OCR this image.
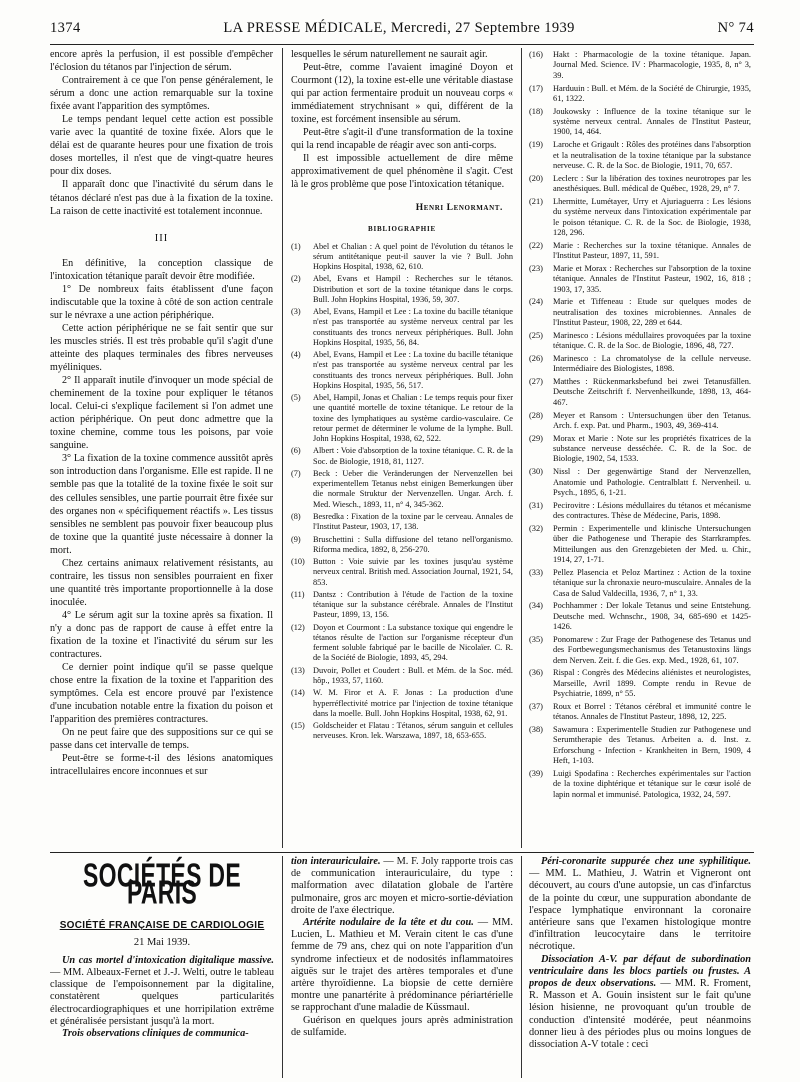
1374	LA PRESSE MÉDICALE, Mercredi, 27 Septembre 1939	N° 74

encore après la perfusion, il est possible d'empêcher l'éclosion du tétanos par l'injection de sérum.

Contrairement à ce que l'on pense généralement, le sérum a donc une action remarquable sur la toxine fixée avant l'apparition des symptômes.

Le temps pendant lequel cette action est possible varie avec la quantité de toxine fixée. Alors que le délai est de quarante heures pour une fixation de trois doses mortelles, il n'est que de vingt-quatre heures pour dix doses.

Il apparaît donc que l'inactivité du sérum dans le tétanos déclaré n'est pas due à la fixation de la toxine. La raison de cette inactivité est totalement inconnue.

III

En définitive, la conception classique de l'intoxication tétanique paraît devoir être modifiée.

1° De nombreux faits établissent d'une façon indiscutable que la toxine à côté de son action centrale sur le névraxe a une action périphérique.

Cette action périphérique ne se fait sentir que sur les muscles striés. Il est très probable qu'il s'agit d'une atteinte des plaques terminales des fibres nerveuses myéliniques.

2° Il apparaît inutile d'invoquer un mode spécial de cheminement de la toxine pour expliquer le tétanos local. Celui-ci s'explique facilement si l'on admet une action périphérique. On peut donc admettre que la toxine chemine, comme tous les poisons, par voie sanguine.

3° La fixation de la toxine commence aussitôt après son introduction dans l'organisme. Elle est rapide. Il ne semble pas que la totalité de la toxine fixée le soit sur des cellules sensibles, une partie pourrait être fixée sur des organes non « spécifiquement réactifs ». Les tissus sensibles ne semblent pas pouvoir fixer beaucoup plus de toxine que la quantité juste nécessaire à donner la mort.

Chez certains animaux relativement résistants, au contraire, les tissus non sensibles pourraient en fixer une quantité très importante proportionnelle à la dose inoculée.

4° Le sérum agit sur la toxine après sa fixation. Il n'y a donc pas de rapport de cause à effet entre la fixation de la toxine et l'inactivité du sérum sur les contractures.

Ce dernier point indique qu'il se passe quelque chose entre la fixation de la toxine et l'apparition des symptômes. Cela est encore prouvé par l'existence d'une incubation notable entre la fixation du poison et l'apparition des premières contractures.

On ne peut faire que des suppositions sur ce qui se passe dans cet intervalle de temps.

Peut-être se forme-t-il des lésions anatomiques intracellulaires encore inconnues et sur

lesquelles le sérum naturellement ne saurait agir.

Peut-être, comme l'avaient imaginé Doyon et Courmont (12), la toxine est-elle une véritable diastase qui par action fermentaire produit un nouveau corps « immédiatement strychnisant » qui, différent de la toxine, est forcément insensible au sérum.

Peut-être s'agit-il d'une transformation de la toxine qui la rend incapable de réagir avec son anti-corps.

Il est impossible actuellement de dire même approximativement de quel phénomène il s'agit. C'est là le gros problème que pose l'intoxication tétanique.

Henri Lenormant.
BIBLIOGRAPHIE
(1)	Abel et Chalian : A quel point de l'évolution du tétanos le sérum antitétanique peut-il sauver la vie ? Bull. John Hopkins Hospital, 1938, 62, 610.
(2)	Abel, Evans et Hampil : Recherches sur le tétanos. Distribution et sort de la toxine tétanique dans le corps. Bull. John Hopkins Hospital, 1936, 59, 307.
(3)	Abel, Evans, Hampil et Lee : La toxine du bacille tétanique n'est pas transportée au système nerveux central par les constituants des troncs nerveux périphériques. Bull. John Hopkins Hospital, 1935, 56, 84.
(4)	Abel, Evans, Hampil et Lee : La toxine du bacille tétanique n'est pas transportée au système nerveux central par les constituants des troncs nerveux périphériques. Bull. John Hopkins Hospital, 1935, 56, 517.
(5)	Abel, Hampil, Jonas et Chalian : Le temps requis pour fixer une quantité mortelle de toxine tétanique. Le retour de la toxine des lymphatiques au système cardio-vasculaire. Ce retour permet de déterminer le volume de la lymphe. Bull. John Hopkins Hospital, 1938, 62, 522.
(6)	Albert : Voie d'absorption de la toxine tétanique. C. R. de la Soc. de Biologie, 1918, 81, 1127.
(7)	Beck : Ueber die Veränderungen der Nervenzellen bei experimentellem Tetanus nebst einigen Bemerkungen über die normale Struktur der Nervenzellen. Ungar. Arch. f. Med. Wiesch., 1893, 11, n° 4, 345-362.
(8)	Besredka : Fixation de la toxine par le cerveau. Annales de l'Institut Pasteur, 1903, 17, 138.
(9)	Bruschettini : Sulla diffusione del tetano nell'organismo. Riforma medica, 1892, 8, 256-270.
(10) Button : Voie suivie par les toxines jusqu'au système nerveux central. British med. Association Journal, 1921, 54, 853.
(11)	Dantsz : Contribution à l'étude de l'action de la toxine tétanique sur la substance cérébrale. Annales de l'Institut Pasteur, 1899, 13, 156.
(12) Doyon et Courmont : La substance toxique qui engendre le tétanos résulte de l'action sur l'organisme récepteur d'un ferment soluble fabriqué par le bacille de Nicolaïer. C. R. de la Société de Biologie, 1893, 45, 294.
(13) Duvoir, Pollet et Coudert : Bull. et Mém. de la Soc. méd. hôp., 1933, 57, 1160.
(14) W. M. Firor et A. F. Jonas : La production d'une hyperréflectivité motrice par l'injection de toxine tétanique dans la moelle. Bull. John Hopkins Hospital, 1938, 62, 91.
(15) Goldscheider et Flatau : Tétanos, sérum sanguin et cellules nerveuses. Kron. lek. Warszawa, 1897, 18, 653-655.
(16)	Hakt : Pharmacologie de la toxine tétanique. Japan. Journal Med. Science. IV : Pharmacologie, 1935, 8, n° 3, 39.
(17)	Harduuin : Bull. et Mém. de la Société de Chirurgie, 1935, 61, 1322.
(18)	Joukowsky : Influence de la toxine tétanique sur le système nerveux central. Annales de l'Institut Pasteur, 1900, 14, 464.
(19)	Laroche et Grigault : Rôles des protéines dans l'absorption et la neutralisation de la toxine tétanique par la substance nerveuse. C. R. de la Soc. de Biologie, 1911, 70, 657.
(20)	Leclerc : Sur la libération des toxines neurotropes par les anesthésiques. Bull. médical de Québec, 1928, 29, n° 7.
(21)	Lhermitte, Lumétayer, Urry et Ajuriaguerra : Les lésions du système nerveux dans l'intoxication expérimentale par le poison tétanique. C. R. de la Soc. de Biologie, 1938, 128, 296.
(22)	Marie : Recherches sur la toxine tétanique. Annales de l'Institut Pasteur, 1897, 11, 591.
(23)	Marie et Morax : Recherches sur l'absorption de la toxine tétanique. Annales de l'Institut Pasteur, 1902, 16, 818 ; 1903, 17, 335.
(24)	Marie et Tiffeneau : Etude sur quelques modes de neutralisation des toxines microbiennes. Annales de l'Institut Pasteur, 1908, 22, 289 et 644.
(25)	Marinesco : Lésions médullaires provoquées par la toxine tétanique. C. R. de la Soc. de Biologie, 1896, 48, 727.
(26)	Marinesco : La chromatolyse de la cellule nerveuse. Intermédiaire des Biologistes, 1898.
(27)	Matthes : Rückenmarksbefund bei zwei Tetanusfällen. Deutsche Zeitschrift f. Nervenheilkunde, 1898, 13, 464-467.
(28)	Meyer et Ransom : Untersuchungen über den Tetanus. Arch. f. exp. Pat. und Pharm., 1903, 49, 369-414.
(29)	Morax et Marie : Note sur les propriétés fixatrices de la substance nerveuse desséchée. C. R. de la Soc. de Biologie, 1902, 54, 1533.
(30)	Nissl : Der gegenwärtige Stand der Nervenzellen, Anatomie und Pathologie. Centralblatt f. Nervenheil. u. Psych., 1895, 6, 1-21.
(31)	Pecirovitre : Lésions médullaires du tétanos et mécanisme des contractures. Thèse de Médecine, Paris, 1898.
(32)	Permin : Experimentelle und klinische Untersuchungen über die Pathogenese und Therapie des Starrkrampfes. Mitteilungen aus den Grenzgebieten der Med. u. Chir., 1914, 27, 1-71.
(33)	Pellez Plasencia et Peloz Martinez : Action de la toxine tétanique sur la chronaxie neuro-musculaire. Annales de la Casa de Salud Valdecilla, 1936, 7, n° 1, 33.
(34)	Pochhammer : Der lokale Tetanus und seine Entstehung. Deutsche med. Wchnschr., 1908, 34, 685-690 et 1425-1426.
(35)	Ponomarew : Zur Frage der Pathogenese des Tetanus und des Fortbewegungsmechanismus des Tetanustoxins längs dem Nerven. Zeit. f. die Ges. exp. Med., 1928, 61, 107.
(36)	Rispal : Congrès des Médecins aliénistes et neurologistes, Marseille, Avril 1899. Compte rendu in Revue de Psychiatrie, 1899, n° 55.
(37)	Roux et Borrel : Tétanos cérébral et immunité contre le tétanos. Annales de l'Institut Pasteur, 1898, 12, 225.
(38)	Sawamura : Experimentelle Studien zur Pathogenese und Serumtherapie des Tetanus. Arbeiten a. d. Inst. z. Erforschung - Infection - Krankheiten in Bern, 1909, 4 Heft, 1-103.
(39)	Luigi Spodafina : Recherches expérimentales sur l'action de la toxine diphtérique et tétanique sur le cœur isolé de lapin normal et immunisé. Patologica, 1932, 24, 597.
SOCIÉTÉS DE PARIS
SOCIÉTÉ FRANÇAISE DE CARDIOLOGIE
21 Mai 1939.

Un cas mortel d'intoxication digitalique massive. — MM. Albeaux-Fernet et J.-J. Welti, outre le tableau classique de l'empoisonnement par la digitaline, constatèrent quelques particularités électrocardiographiques et une horripilation extrême et généralisée persistant jusqu'à la mort.

Trois observations cliniques de communica-

tion interauriculaire. — M. F. Joly rapporte trois cas de communication interauriculaire, du type : malformation avec dilatation globale de l'artère pulmonaire, gros arc moyen et micro-sortie-déviation droite de l'axe électrique.

Artérite nodulaire de la tête et du cou. — MM. Lucien, L. Mathieu et M. Verain citent le cas d'une femme de 79 ans, chez qui on note l'apparition d'un syndrome infectieux et de nodosités inflammatoires aiguës sur le trajet des artères temporales et d'une artère thyroïdienne. La biopsie de cette dernière montre une panartérite à prédominance périartérielle se rapprochant d'une maladie de Küssmaul.

Guérison en quelques jours après administration de sulfamide.

Péri-coronarite suppurée chez une syphilitique. — MM. L. Mathieu, J. Watrin et Vigneront ont découvert, au cours d'une autopsie, un cas d'infarctus de la pointe du cœur, une suppuration abondante de l'espace lymphatique environnant la coronaire antérieure sans que l'examen histologique montre d'infiltration leucocytaire dans le territoire nécrotique.

Dissociation A-V. par défaut de subordination ventriculaire dans les blocs partiels ou frustes. A propos de deux observations. — MM. R. Froment, R. Masson et A. Gouin insistent sur le fait qu'une lésion hisienne, ne provoquant qu'un trouble de conduction d'intensité modérée, peut néanmoins donner lieu à des périodes plus ou moins longues de dissociation A-V totale : ceci
